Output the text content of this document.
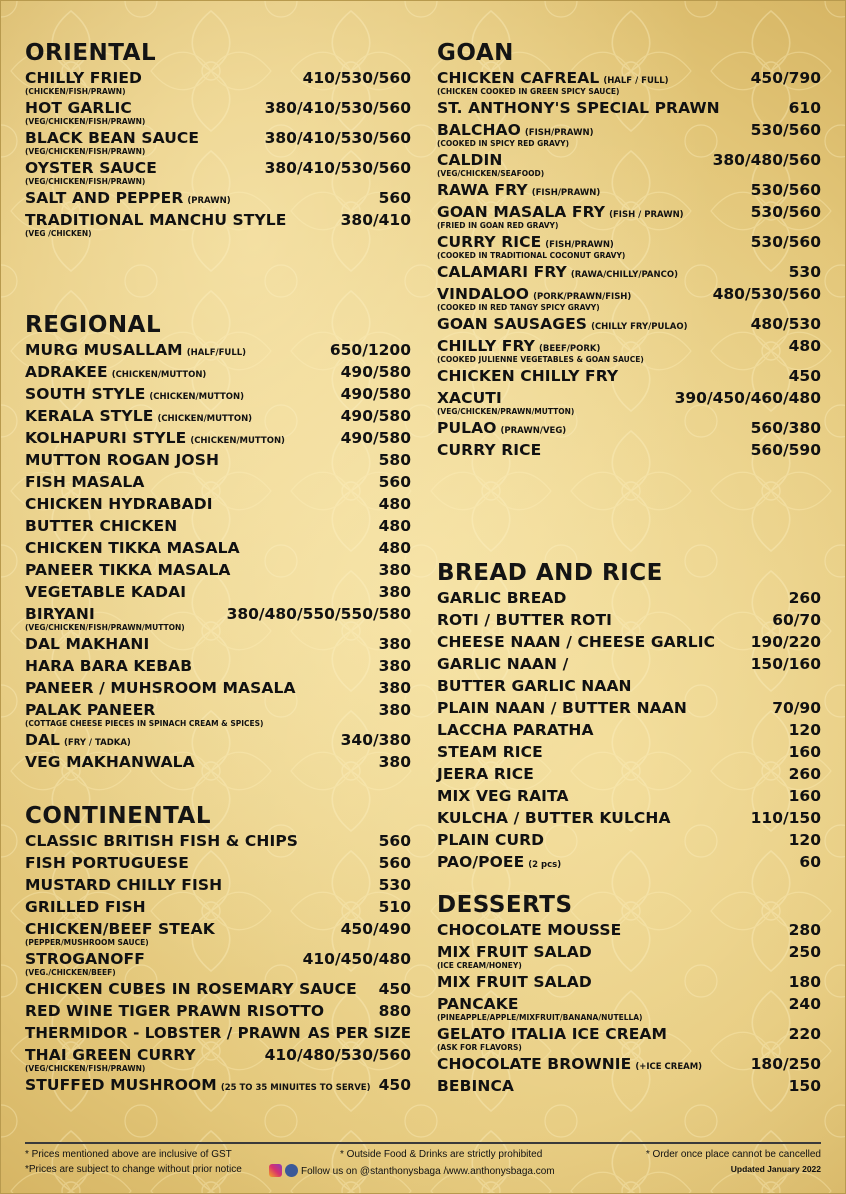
ORIENTAL
CHILLY FRIED	410/530/560
(CHICKEN/FISH/PRAWN)
HOT GARLIC	380/410/530/560
(VEG/CHICKEN/FISH/PRAWN)
BLACK BEAN SAUCE	380/410/530/560
(VEG/CHICKEN/FISH/PRAWN)
OYSTER SAUCE	380/410/530/560
(VEG/CHICKEN/FISH/PRAWN)
SALT AND PEPPER (PRAWN)	560
TRADITIONAL MANCHU STYLE	380/410
(VEG /CHICKEN)
REGIONAL
MURG MUSALLAM (HALF/FULL)	650/1200
ADRAKEE (CHICKEN/MUTTON)	490/580
SOUTH STYLE (CHICKEN/MUTTON)	490/580
KERALA STYLE (CHICKEN/MUTTON)	490/580
KOLHAPURI STYLE (CHICKEN/MUTTON)	490/580
MUTTON ROGAN JOSH	580
FISH MASALA	560
CHICKEN HYDRABADI	480
BUTTER CHICKEN	480
CHICKEN TIKKA MASALA	480
PANEER TIKKA MASALA	380
VEGETABLE KADAI	380
BIRYANI	380/480/550/550/580
(VEG/CHICKEN/FISH/PRAWN/MUTTON)
DAL MAKHANI	380
HARA BARA KEBAB	380
PANEER / MUHSROOM MASALA	380
PALAK PANEER	380
(COTTAGE CHEESE PIECES IN SPINACH CREAM & SPICES)
DAL (FRY / TADKA)	340/380
VEG MAKHANWALA	380
CONTINENTAL
CLASSIC BRITISH FISH & CHIPS	560
FISH PORTUGUESE	560
MUSTARD CHILLY FISH	530
GRILLED FISH	510
CHICKEN/BEEF STEAK	450/490
(PEPPER/MUSHROOM SAUCE)
STROGANOFF	410/450/480
(VEG./CHICKEN/BEEF)
CHICKEN CUBES IN ROSEMARY SAUCE 450
RED WINE TIGER PRAWN RISOTTO	880
THERMIDOR - LOBSTER / PRAWN AS PER SIZE
THAI GREEN CURRY	410/480/530/560
(VEG/CHICKEN/FISH/PRAWN)
STUFFED MUSHROOM (25 TO 35 MINUITES TO SERVE) 450
GOAN
CHICKEN CAFREAL (HALF / FULL)	450/790
(CHICKEN COOKED IN GREEN SPICY SAUCE)
ST. ANTHONY'S SPECIAL PRAWN	610
BALCHAO (FISH/PRAWN)	530/560
(COOKED IN SPICY RED GRAVY)
CALDIN	380/480/560
(VEG/CHICKEN/SEAFOOD)
RAWA FRY (FISH/PRAWN)	530/560
GOAN MASALA FRY (FISH / PRAWN)	530/560
(FRIED IN GOAN RED GRAVY)
CURRY RICE (FISH/PRAWN)	530/560
(COOKED IN TRADITIONAL COCONUT GRAVY)
CALAMARI FRY (RAWA/CHILLY/PANCO)	530
VINDALOO (PORK/PRAWN/FISH)	480/530/560
(COOKED IN RED TANGY SPICY GRAVY)
GOAN SAUSAGES (CHILLY FRY/PULAO)	480/530
CHILLY FRY (BEEF/PORK)	480
(COOKED JULIENNE VEGETABLES & GOAN SAUCE)
CHICKEN CHILLY FRY	450
XACUTI	390/450/460/480
(VEG/CHICKEN/PRAWN/MUTTON)
PULAO (PRAWN/VEG)	560/380
CURRY RICE	560/590
BREAD AND RICE
GARLIC BREAD	260
ROTI / BUTTER ROTI	60/70
CHEESE NAAN / CHEESE GARLIC 190/220
GARLIC NAAN /	150/160
BUTTER GARLIC NAAN
PLAIN NAAN / BUTTER NAAN	70/90
LACCHA PARATHA	120
STEAM RICE	160
JEERA RICE	260
MIX VEG RAITA	160
KULCHA / BUTTER KULCHA	110/150
PLAIN CURD	120
PAO/POEE (2 pcs)	60
DESSERTS
CHOCOLATE MOUSSE	280
MIX FRUIT SALAD	250
(ICE CREAM/HONEY)
MIX FRUIT SALAD	180
PANCAKE	240
(PINEAPPLE/APPLE/MIXFRUIT/BANANA/NUTELLA)
GELATO ITALIA ICE CREAM	220
(ASK FOR FLAVORS)
CHOCOLATE BROWNIE (+ICE CREAM)	180/250
BEBINCA	150
* Prices mentioned above are inclusive of GST	* Outside Food & Drinks are strictly prohibited	* Order once place cannot be cancelled
*Prices are subject to change without prior notice	Follow us on @stanthonysbaga /www.anthonysbaga.com	Updated January 2022
